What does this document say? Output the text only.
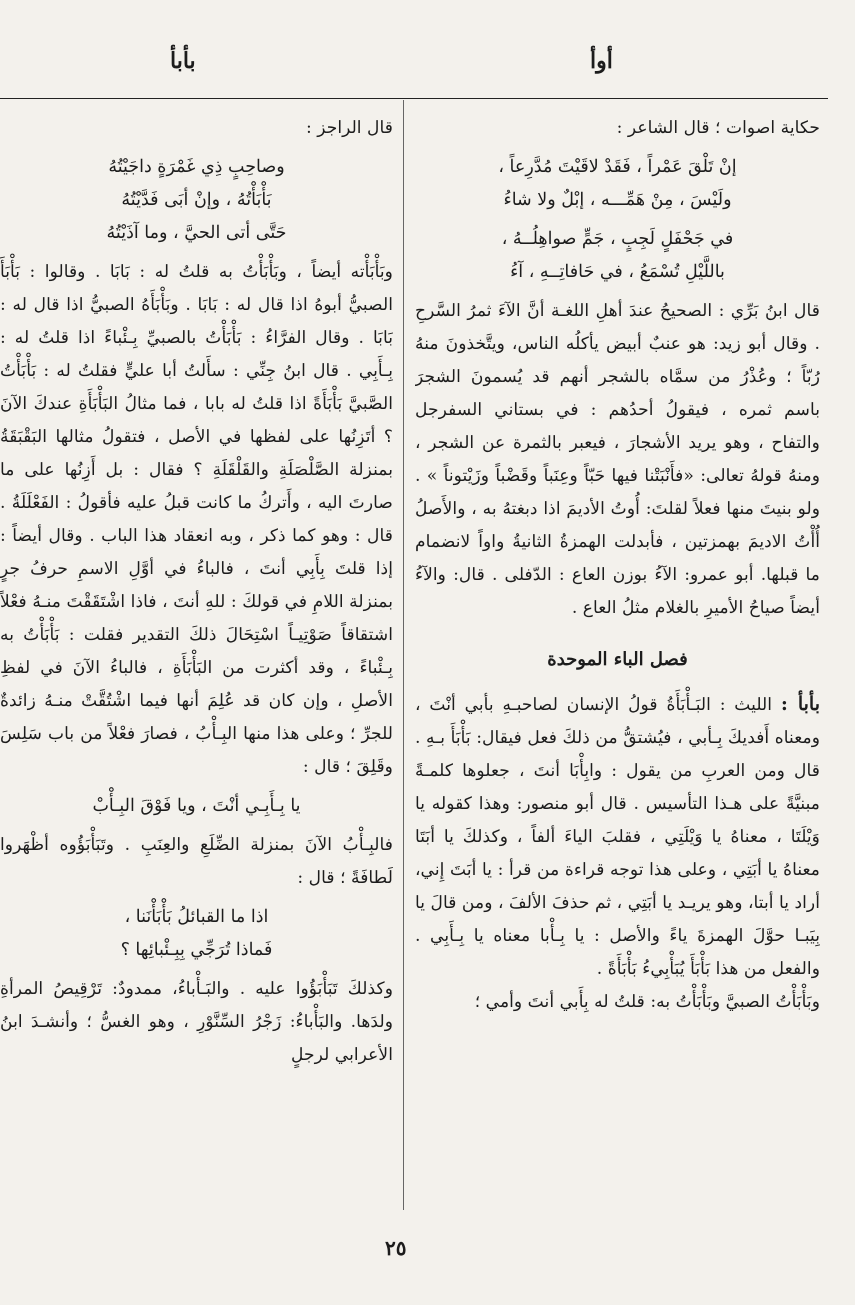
أوأ
بأبأ

حكاية اصوات ؛ قال الشاعر :

إنْ تَلْقَ عَمْراً ، فَقَدْ لاقَيْتَ مُدَّرِعاً ،
ولَيْسَ ، مِنْ هَمِّـــه ، إبْلٌ ولا شاءُ
في جَحْفَلٍ لَجِبٍ ، جَمٍّ صواهِلُــهُ ،
باللَّيْلِ تُسْمَعُ ، في حَافاتِــهِ ، آءُ

قال ابنُ بَرِّي : الصحيحُ عندَ أهلِ اللغـة أنَّ الآءَ ثمرُ السَّرحِ . وقال أبو زيد: هو عنبٌ أبيض يأكلُه الناس، ويتَّخذونَ منهُ رُبّاً ؛ وعُذْرُ من سمَّاه بالشجر أنهم قد يُسمونَ الشجرَ باسم ثمره ، فيقولُ أحدُهم : في بستاني السفرجل والتفاح ، وهو يريد الأشجارَ ، فيعبر بالثمرة عن الشجر ، ومنهُ قولهُ تعالى: «فأَنْبَتْنا فيها حَبّاً وعِنَباً وقَضْباً وزَيْتوناً » . ولو بنيتَ منها فعلاً لقلتَ: أُوتُ الأديمَ اذا دبغتهُ به ، والأَصلُ أُأْتُ الاديمَ بهمزتين ، فأبدلت الهمزةُ الثانيةُ واواً لانضمام ما قبلها. أبو عمرو: الآءُ بوزن العاع : الدّفلى . قال: والآءُ أيضاً صياحُ الأميرِ بالغلام مثلُ العاع .

فصل الباء الموحدة

بأبأ : الليث : البَـأْبَأَةُ قولُ الإنسان لصاحبـهِ بأبي أنْتَ ، ومعناه أَفديكَ بِـأبي ، فيُشتقُّ من ذلكَ فعل فيقال: بَأْبَأَ بـهِ . قال ومن العربِ من يقول : وابِأْبَا أنتَ ، جعلوها كلمـةً مبنيَّةً على هـذا التأسيس . قال أبو منصور: وهذا كقوله يا وَيْلَتَا ، معناهُ يا وَيْلَتِي ، فقلبَ الياءَ ألفاً ، وكذلكَ يا أبَتَا معناهُ يا أبَتِي ، وعلى هذا توجه قراءة من قرأ : يا أبَتَ إِني، أراد يا أبتا، وهو يريـد يا أبَتِي ، ثم حذفَ الألفَ ، ومن قالَ يا بِيَبـا حوَّلَ الهمزةَ ياءً والأصل : يا بِـأْبا معناه يا بِـأَبِي . والفعل من هذا بَأْبَأَ يُبَأْبِيءُ بَأْبَأَةً .

وبَأْبَأْتُ الصبيَّ وبَأْبَأْتُ به: قلتُ له بِأَبي أنتَ وأمي ؛

قال الراجز :

وصاحِبٍ ذِي غَمْرَةٍ داجَيْتُهُ
بَأْبَأْتُهُ ، وإنْ أبَى فَدَّيْتُهُ
حَتَّى أتى الحيَّ ، وما آذَيْتُهُ

وبَأْبَأْته أيضاً ، وبَأْبَأْتُ به قلتُ له : بَابَا . وقالوا : بَأْبَأَ الصبيُّ أبوهُ اذا قال له : بَابَا . وبَأْبَأَهُ الصبيُّ اذا قال له : بَابَا . وقال الفرَّاءُ : بَأْبَأْتُ بالصبيِّ بِـئْباءً اذا قلتُ له : بِـأَبِي . قال ابنُ جِنِّي : سأَلتُ أبا عليٍّ فقلتُ له : بَأْبَأْتُ الصَّبيَّ بَأْبَأَةً اذا قلتُ له بابا ، فما مثالُ البَأْبَأَةِ عندكَ الآنَ ؟ أتَزِنُها على لفظها في الأصل ، فتقولُ مثالها البَقْبَقَةُ بمنزلة الصَّلْصَلَةِ والقَلْقَلَةِ ؟ فقال : بل أَزِنُها على ما صارتَ اليه ، وأَتركُ ما كانت قبلُ عليه فأقولُ : الفَعْلَلَةُ . قال : وهو كما ذكر ، وبه انعقاد هذا الباب . وقال أيضاً : إذا قلتَ بِأَبِي أنتَ ، فالباءُ في أوَّلِ الاسمِ حرفُ جرٍ بمنزلة اللامِ في قولكَ : للهِ أنتَ ، فاذا اشْتَقَقْتَ منـهُ فعْلاً اشتقاقاً صَوْتِيـاً اسْتِحَالَ ذلكَ التقدير فقلت : بَأْبَأْتُ به بِـئْباءً ، وقد أكثرت من البَأْبَأَةِ ، فالباءُ الآنَ في لفظِ الأصلِ ، وإن كان قد عُلِمَ أنها فيما اشْتُقَّتْ منـهُ زائدةٌ للجرِّ ؛ وعلى هذا منها البِـأْبُ ، فصارَ فعْلاً من باب سَلِسَ وقَلِقَ ؛ قال :

يا بِـأَبِـي أنْتَ ، ويا فَوْقَ البِـأْبْ

فالبِـأْبُ الآنَ بمنزلة الضِّلَعِ والعِنَبِ . وتَبَأْبَؤُوه أظْهَروا لَطافَةً ؛ قال :

اذا ما القبائلُ بَأْبَأْنَنا ،
فَماذا تُرَجِّي بِبِـئْبائِها ؟

وكذلكَ تَبَأْبَؤُوا عليه . والبَـأْباءُ، ممدودٌ: تَرْقِيصُ المرأةِ ولدَها. والبَأْباءُ: زَجْرُ السِّنَّوْرِ ، وهو الغسُّ ؛ وأنشـدَ ابنُ الأعرابي لرجلٍ

٢٥
